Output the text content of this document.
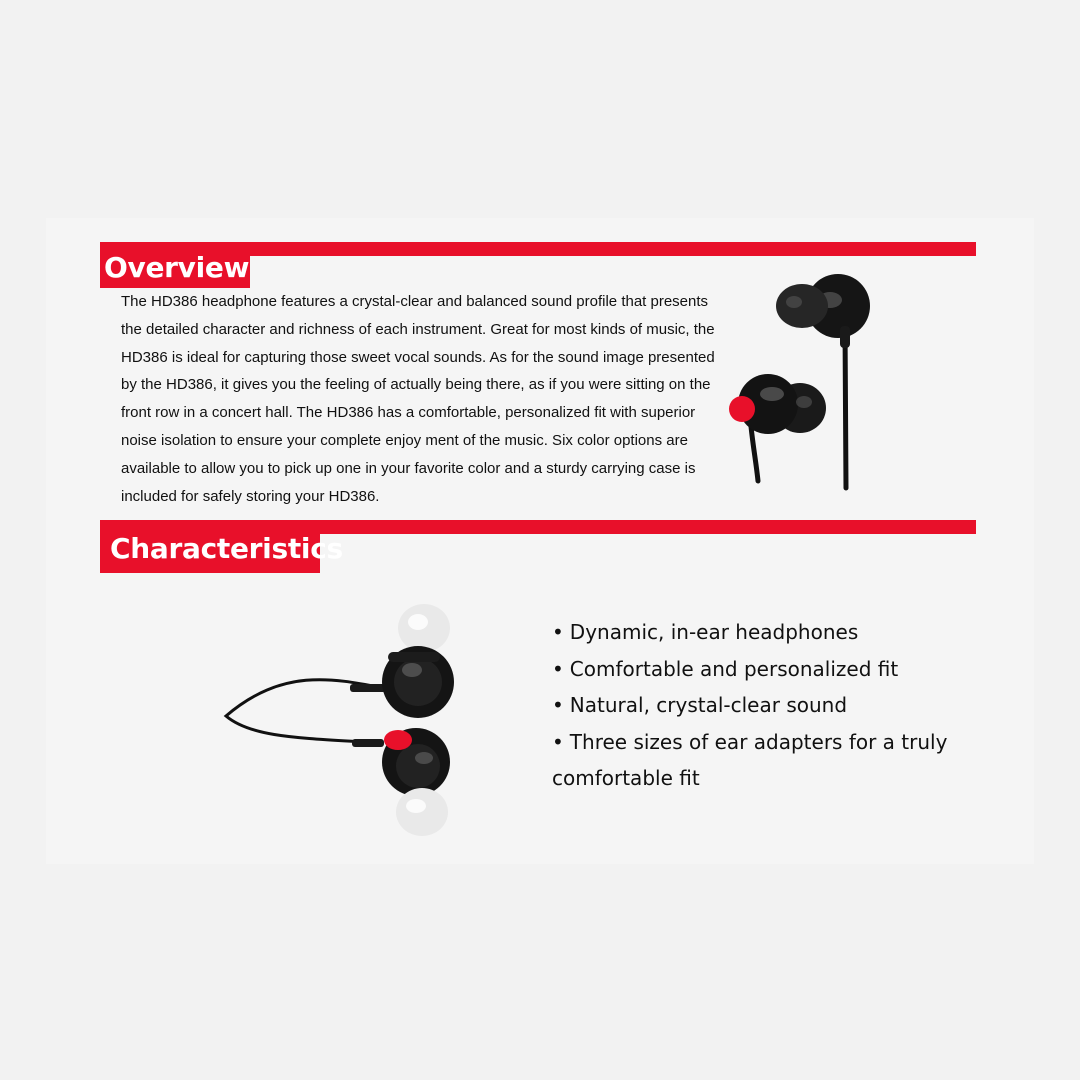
Overview
The HD386 headphone features a crystal-clear and balanced sound profile that presents
the detailed character and richness of each instrument. Great for most kinds of music, the
HD386 is ideal for capturing those sweet vocal sounds. As for the sound image presented
by the HD386, it gives you the feeling of actually being there, as if you were sitting on the
front row in a concert hall. The HD386 has a comfortable, personalized fit with superior
noise isolation to ensure your complete enjoy ment of the music. Six color options are
available to allow you to pick up one in your favorite color and a sturdy carrying case is
included for safely storing your HD386.
Characteristics
• Dynamic, in-ear headphones
• Comfortable and personalized fit
• Natural, crystal-clear sound
• Three sizes of ear adapters for a truly
comfortable fit
